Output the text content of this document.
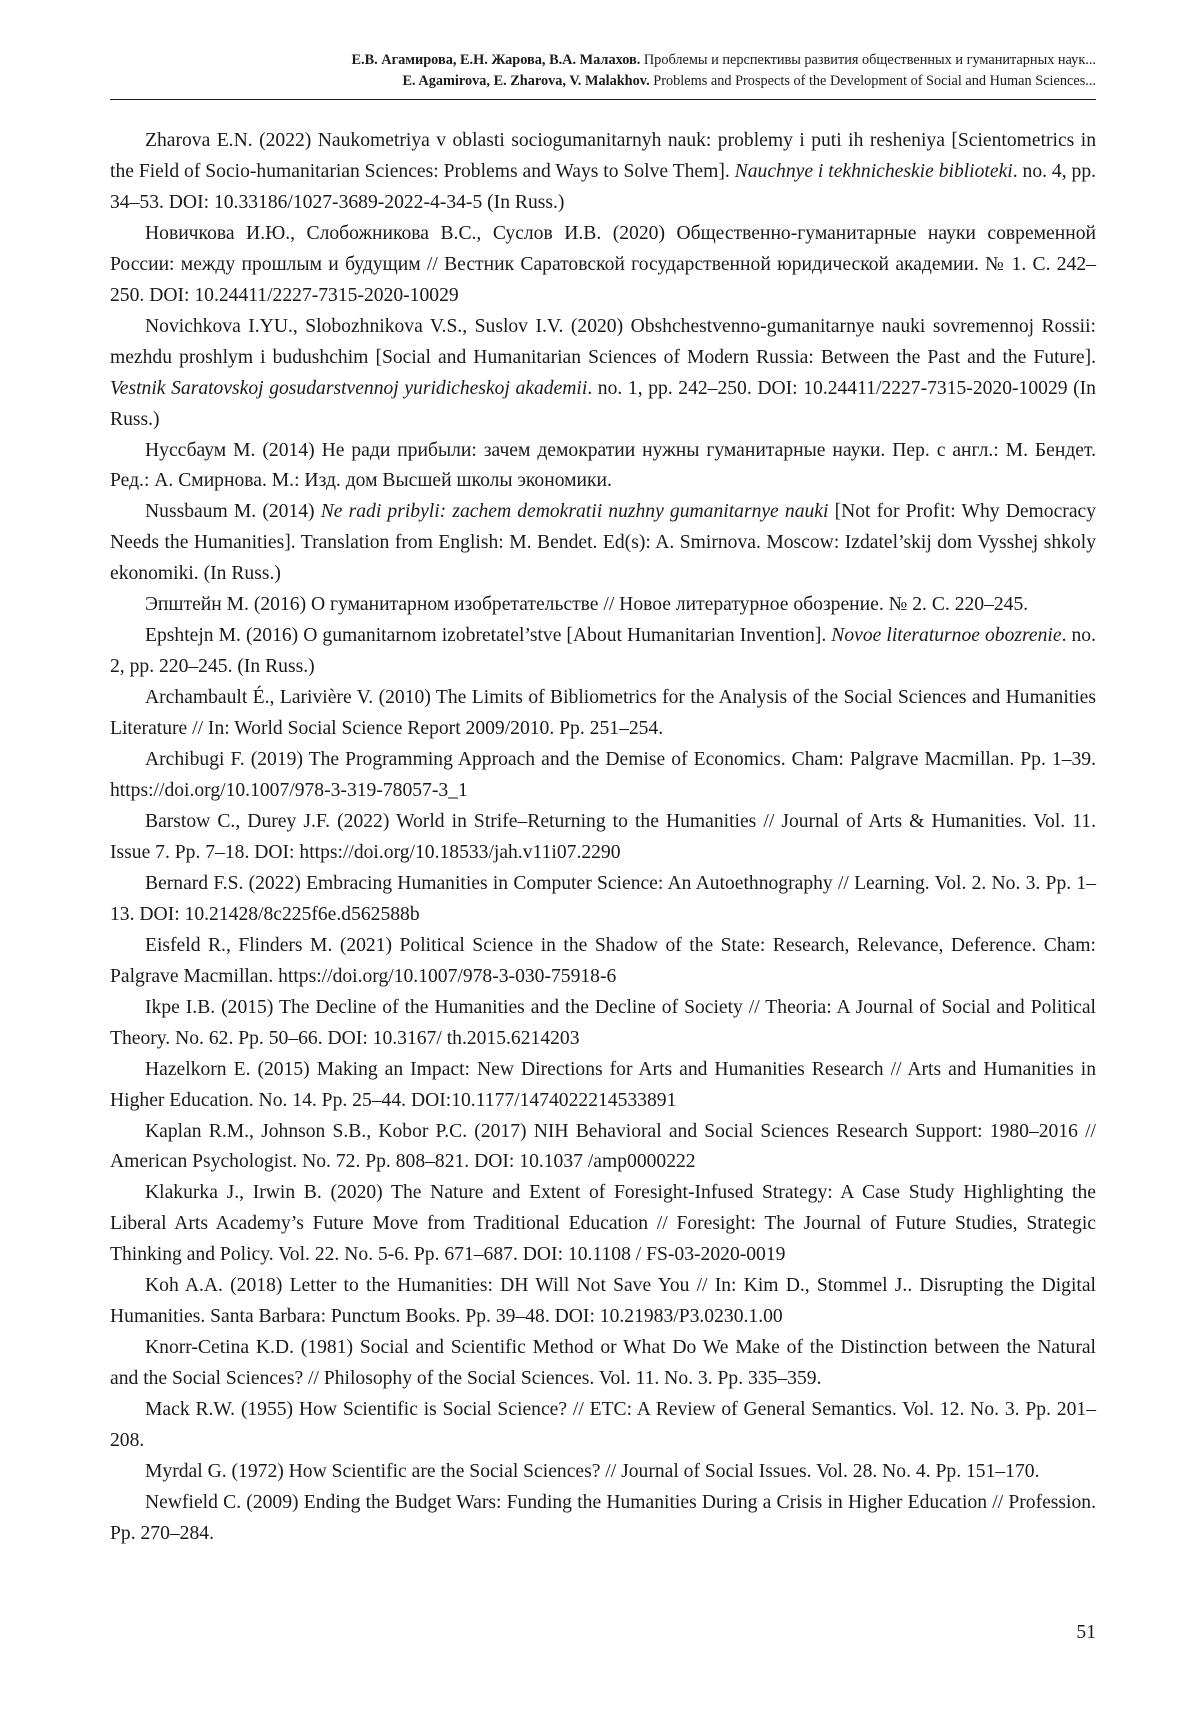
Е.В. Агамирова, Е.Н. Жарова, В.А. Малахов. Проблемы и перспективы развития общественных и гуманитарных наук...
E. Agamirova, E. Zharova, V. Malakhov. Problems and Prospects of the Development of Social and Human Sciences...

Zharova E.N. (2022) Naukometriya v oblasti sociogumanitarnyh nauk: problemy i puti ih resheniya [Scientometrics in the Field of Socio-humanitarian Sciences: Problems and Ways to Solve Them]. Nauchnye i tekhnicheskie biblioteki. no. 4, pp. 34–53. DOI: 10.33186/1027-3689-2022-4-34-5 (In Russ.)

Новичкова И.Ю., Слобожникова В.С., Суслов И.В. (2020) Общественно-гуманитарные науки современной России: между прошлым и будущим // Вестник Саратовской государственной юридической академии. № 1. С. 242–250. DOI: 10.24411/2227-7315-2020-10029

Novichkova I.YU., Slobozhnikova V.S., Suslov I.V. (2020) Obshchestvenno-gumanitarnye nauki sovremennoj Rossii: mezhdu proshlym i budushchim [Social and Humanitarian Sciences of Modern Russia: Between the Past and the Future]. Vestnik Saratovskoj gosudarstvennoj yuridicheskoj akademii. no. 1, pp. 242–250. DOI: 10.24411/2227-7315-2020-10029 (In Russ.)

Нуссбаум М. (2014) Не ради прибыли: зачем демократии нужны гуманитарные науки. Пер. с англ.: М. Бендет. Ред.: А. Смирнова. М.: Изд. дом Высшей школы экономики.

Nussbaum M. (2014) Ne radi pribyli: zachem demokratii nuzhny gumanitarnye nauki [Not for Profit: Why Democracy Needs the Humanities]. Translation from English: M. Bendet. Ed(s): A. Smirnova. Moscow: Izdatel’skij dom Vysshej shkoly ekonomiki. (In Russ.)

Эпштейн М. (2016) О гуманитарном изобретательстве // Новое литературное обозрение. № 2. С. 220–245.

Epshtejn M. (2016) O gumanitarnom izobretatel’stve [About Humanitarian Invention]. Novoe literaturnoe obozrenie. no. 2, pp. 220–245. (In Russ.)

Archambault É., Larivière V. (2010) The Limits of Bibliometrics for the Analysis of the Social Sciences and Humanities Literature // In: World Social Science Report 2009/2010. Pp. 251–254.

Archibugi F. (2019) The Programming Approach and the Demise of Economics. Cham: Palgrave Macmillan. Pp. 1–39. https://doi.org/10.1007/978-3-319-78057-3_1

Barstow C., Durey J.F. (2022) World in Strife–Returning to the Humanities // Journal of Arts & Humanities. Vol. 11. Issue 7. Pp. 7–18. DOI: https://doi.org/10.18533/jah.v11i07.2290

Bernard F.S. (2022) Embracing Humanities in Computer Science: An Autoethnography // Learning. Vol. 2. No. 3. Pp. 1–13. DOI: 10.21428/8c225f6e.d562588b

Eisfeld R., Flinders M. (2021) Political Science in the Shadow of the State: Research, Relevance, Deference. Cham: Palgrave Macmillan. https://doi.org/10.1007/978-3-030-75918-6

Ikpe I.B. (2015) The Decline of the Humanities and the Decline of Society // Theoria: A Journal of Social and Political Theory. No. 62. Pp. 50–66. DOI: 10.3167/ th.2015.6214203

Hazelkorn E. (2015) Making an Impact: New Directions for Arts and Humanities Research // Arts and Humanities in Higher Education. No. 14. Pp. 25–44. DOI:10.1177/1474022214533891

Kaplan R.M., Johnson S.B., Kobor P.C. (2017) NIH Behavioral and Social Sciences Research Support: 1980–2016 // American Psychologist. No. 72. Pp. 808–821. DOI: 10.1037 /amp0000222

Klakurka J., Irwin B. (2020) The Nature and Extent of Foresight-Infused Strategy: A Case Study Highlighting the Liberal Arts Academy’s Future Move from Traditional Education // Foresight: The Journal of Future Studies, Strategic Thinking and Policy. Vol. 22. No. 5-6. Pp. 671–687. DOI: 10.1108 / FS-03-2020-0019

Koh A.A. (2018) Letter to the Humanities: DH Will Not Save You // In: Kim D., Stommel J.. Disrupting the Digital Humanities. Santa Barbara: Punctum Books. Pp. 39–48. DOI: 10.21983/P3.0230.1.00

Knorr-Cetina K.D. (1981) Social and Scientific Method or What Do We Make of the Distinction between the Natural and the Social Sciences? // Philosophy of the Social Sciences. Vol. 11. No. 3. Pp. 335–359.

Mack R.W. (1955) How Scientific is Social Science? // ETC: A Review of General Semantics. Vol. 12. No. 3. Pp. 201–208.

Myrdal G. (1972) How Scientific are the Social Sciences? // Journal of Social Issues. Vol. 28. No. 4. Pp. 151–170.

Newfield C. (2009) Ending the Budget Wars: Funding the Humanities During a Crisis in Higher Education // Profession. Pp. 270–284.

51
